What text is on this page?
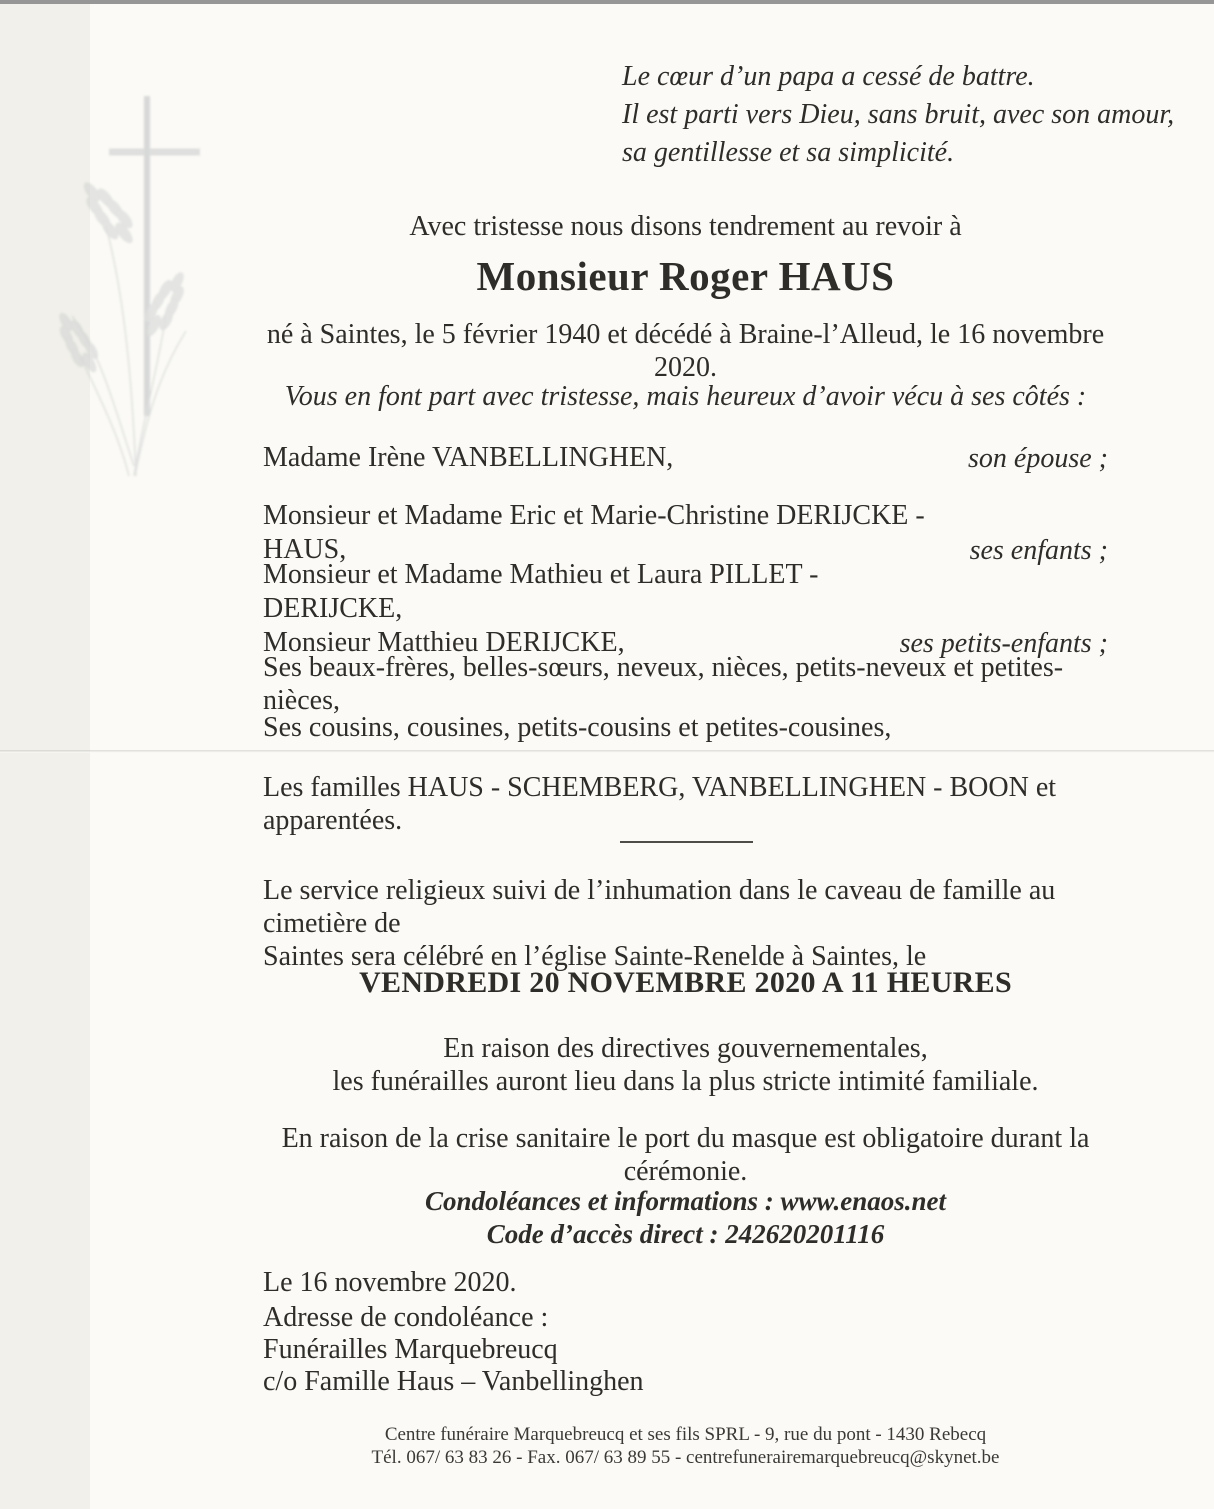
Le cœur d’un papa a cessé de battre.
Il est parti vers Dieu, sans bruit, avec son amour,
sa gentillesse et sa simplicité.
Avec tristesse nous disons tendrement au revoir à
Monsieur Roger HAUS
né à Saintes, le 5 février 1940 et décédé à Braine-l’Alleud, le 16 novembre 2020.
Vous en font part avec tristesse, mais heureux d’avoir vécu à ses côtés :
Madame Irène VANBELLINGHEN,	son épouse ;
Monsieur et Madame Eric et Marie-Christine DERIJCKE - HAUS,	ses enfants ;
Monsieur et Madame Mathieu et Laura PILLET - DERIJCKE,
Monsieur Matthieu DERIJCKE,	ses petits-enfants ;
Ses beaux-frères, belles-sœurs, neveux, nièces, petits-neveux et petites-nièces,
Ses cousins, cousines, petits-cousins et petites-cousines,
Les familles HAUS - SCHEMBERG, VANBELLINGHEN - BOON et apparentées.
Le service religieux suivi de l’inhumation dans le caveau de famille au cimetière de
Saintes sera célébré en l’église Sainte-Renelde à Saintes, le
VENDREDI 20 NOVEMBRE 2020 A 11 HEURES
En raison des directives gouvernementales,
les funérailles auront lieu dans la plus stricte intimité familiale.
En raison de la crise sanitaire le port du masque est obligatoire durant la cérémonie.
Condoléances et informations : www.enaos.net
Code d’accès direct : 242620201116
Le 16 novembre 2020.
Adresse de condoléance :
Funérailles Marquebreucq
c/o Famille Haus – Vanbellinghen
Centre funéraire Marquebreucq et ses fils SPRL - 9, rue du pont - 1430 Rebecq
Tél. 067/ 63 83 26 - Fax. 067/ 63 89 55 - centrefunerairemarquebreucq@skynet.be
